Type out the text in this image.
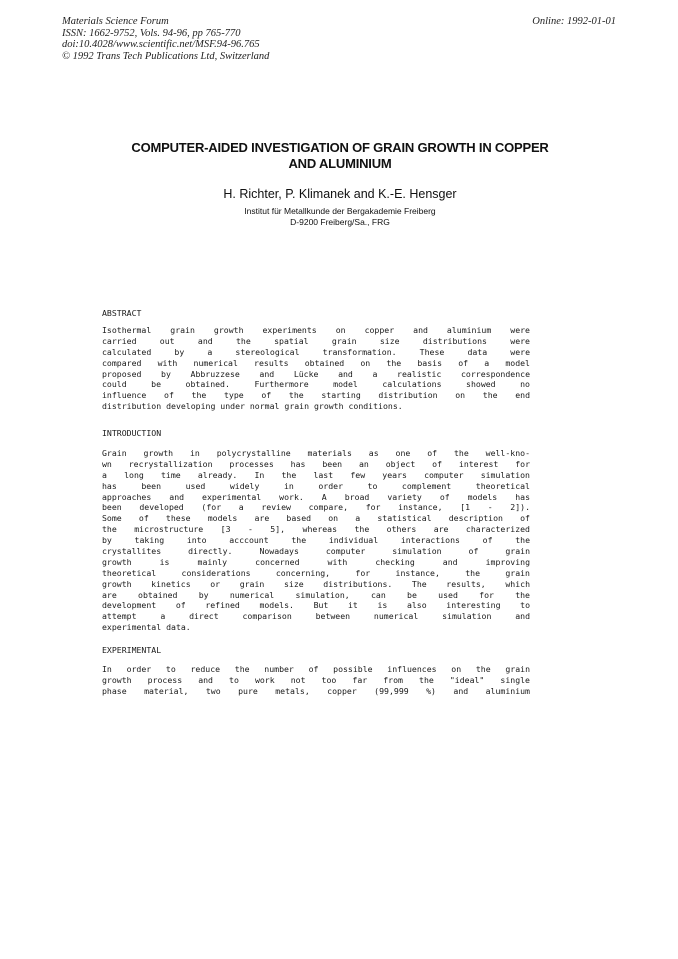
Materials Science Forum
ISSN: 1662-9752, Vols. 94-96, pp 765-770
doi:10.4028/www.scientific.net/MSF.94-96.765
© 1992 Trans Tech Publications Ltd, Switzerland
Online: 1992-01-01
COMPUTER-AIDED INVESTIGATION OF GRAIN GROWTH IN COPPER
AND ALUMINIUM
H. Richter, P. Klimanek and K.-E. Hensger
Institut für Metallkunde der Bergakademie Freiberg
D-9200 Freiberg/Sa., FRG
ABSTRACT
Isothermal grain growth experiments on copper and aluminium were
carried out and the spatial grain size distributions were
calculated by a stereological transformation. These data were
compared with numerical results obtained on the basis of a model
proposed by Abbruzzese and Lücke and a realistic correspondence
could be obtained. Furthermore model calculations showed no
influence of the type of the starting distribution on the end
distribution developing under normal grain growth conditions.
INTRODUCTION
Grain growth in polycrystalline materials as one of the well-kno-
wn recrystallization processes has been an object of interest for
a long time already. In the last few years computer simulation
has been used widely in order to complement theoretical
approaches and experimental work. A broad variety of models has
been developed (for a review compare, for instance, [1 - 2]).
Some of these models are based on a statistical description of
the microstructure [3 - 5], whereas the others are characterized
by taking into acccount the individual interactions of the
crystallites directly. Nowadays computer simulation of grain
growth is mainly concerned with checking and improving
theoretical considerations concerning, for instance, the grain
growth kinetics or grain size distributions. The results, which
are obtained by numerical simulation, can be used for the
development of refined models. But it is also interesting to
attempt a direct comparison between numerical simulation and
experimental data.
EXPERIMENTAL
In order to reduce the number of possible influences on the grain
growth process and to work not too far from the "ideal" single
phase material, two pure metals, copper (99,999 %) and aluminium
